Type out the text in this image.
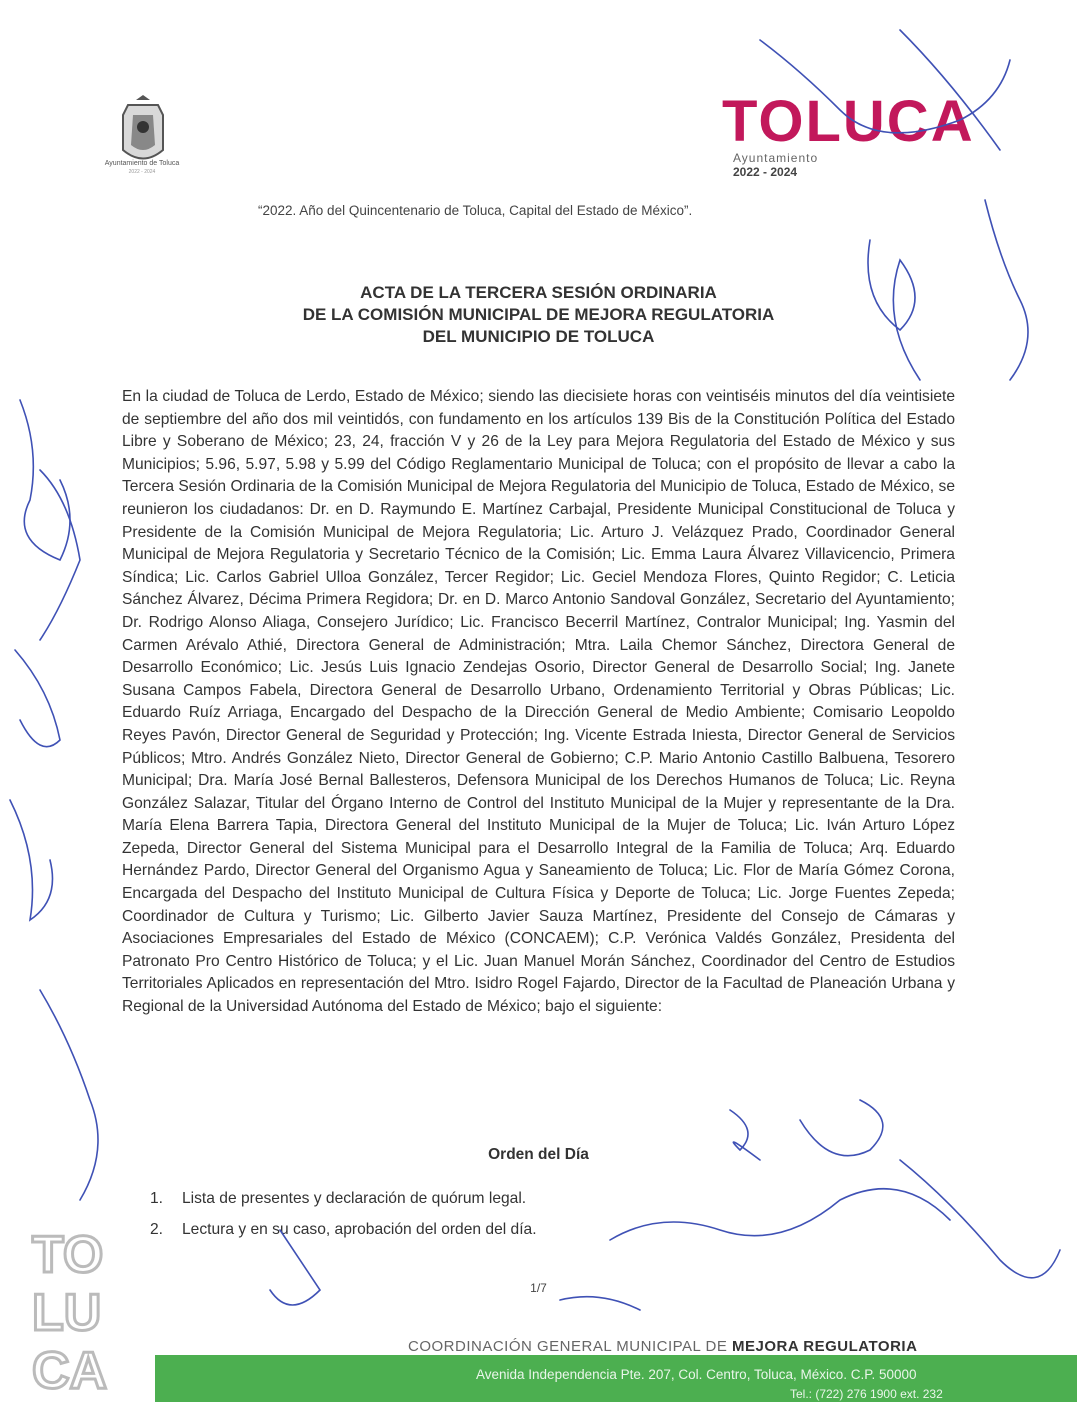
Ayuntamiento de Toluca
2022 - 2024
TOLUCA
Ayuntamiento
2022 - 2024
“2022. Año del Quincentenario de Toluca, Capital del Estado de México”.
ACTA DE LA TERCERA SESIÓN ORDINARIA
DE LA COMISIÓN MUNICIPAL DE MEJORA REGULATORIA
DEL MUNICIPIO DE TOLUCA
En la ciudad de Toluca de Lerdo, Estado de México; siendo las diecisiete horas con veintiséis minutos del día veintisiete de septiembre del año dos mil veintidós, con fundamento en los artículos 139 Bis de la Constitución Política del Estado Libre y Soberano de México; 23, 24, fracción V y 26 de la Ley para Mejora Regulatoria del Estado de México y sus Municipios; 5.96, 5.97, 5.98 y 5.99 del Código Reglamentario Municipal de Toluca; con el propósito de llevar a cabo la Tercera Sesión Ordinaria de la Comisión Municipal de Mejora Regulatoria del Municipio de Toluca, Estado de México, se reunieron los ciudadanos: Dr. en D. Raymundo E. Martínez Carbajal, Presidente Municipal Constitucional de Toluca y Presidente de la Comisión Municipal de Mejora Regulatoria; Lic. Arturo J. Velázquez Prado, Coordinador General Municipal de Mejora Regulatoria y Secretario Técnico de la Comisión; Lic. Emma Laura Álvarez Villavicencio, Primera Síndica; Lic. Carlos Gabriel Ulloa González, Tercer Regidor; Lic. Geciel Mendoza Flores, Quinto Regidor; C. Leticia Sánchez Álvarez, Décima Primera Regidora; Dr. en D. Marco Antonio Sandoval González, Secretario del Ayuntamiento; Dr. Rodrigo Alonso Aliaga, Consejero Jurídico; Lic. Francisco Becerril Martínez, Contralor Municipal; Ing. Yasmin del Carmen Arévalo Athié, Directora General de Administración; Mtra. Laila Chemor Sánchez, Directora General de Desarrollo Económico; Lic. Jesús Luis Ignacio Zendejas Osorio, Director General de Desarrollo Social; Ing. Janete Susana Campos Fabela, Directora General de Desarrollo Urbano, Ordenamiento Territorial y Obras Públicas; Lic. Eduardo Ruíz Arriaga, Encargado del Despacho de la Dirección General de Medio Ambiente; Comisario Leopoldo Reyes Pavón, Director General de Seguridad y Protección; Ing. Vicente Estrada Iniesta, Director General de Servicios Públicos; Mtro. Andrés González Nieto, Director General de Gobierno; C.P. Mario Antonio Castillo Balbuena, Tesorero Municipal; Dra. María José Bernal Ballesteros, Defensora Municipal de los Derechos Humanos de Toluca; Lic. Reyna González Salazar, Titular del Órgano Interno de Control del Instituto Municipal de la Mujer y representante de la Dra. María Elena Barrera Tapia, Directora General del Instituto Municipal de la Mujer de Toluca; Lic. Iván Arturo López Zepeda, Director General del Sistema Municipal para el Desarrollo Integral de la Familia de Toluca; Arq. Eduardo Hernández Pardo, Director General del Organismo Agua y Saneamiento de Toluca; Lic. Flor de María Gómez Corona, Encargada del Despacho del Instituto Municipal de Cultura Física y Deporte de Toluca; Lic. Jorge Fuentes Zepeda; Coordinador de Cultura y Turismo; Lic. Gilberto Javier Sauza Martínez, Presidente del Consejo de Cámaras y Asociaciones Empresariales del Estado de México (CONCAEM); C.P. Verónica Valdés González, Presidenta del Patronato Pro Centro Histórico de Toluca; y el Lic. Juan Manuel Morán Sánchez, Coordinador del Centro de Estudios Territoriales Aplicados en representación del Mtro. Isidro Rogel Fajardo, Director de la Facultad de Planeación Urbana y Regional de la Universidad Autónoma del Estado de México; bajo el siguiente:
Orden del Día
1. Lista de presentes y declaración de quórum legal.
2. Lectura y en su caso, aprobación del orden del día.
1/7
TO
LU
CA	COORDINACIÓN GENERAL MUNICIPAL DE MEJORA REGULATORIA
Avenida Independencia Pte. 207, Col. Centro, Toluca, México. C.P. 50000
Tel.: (722) 276 1900 ext. 232
